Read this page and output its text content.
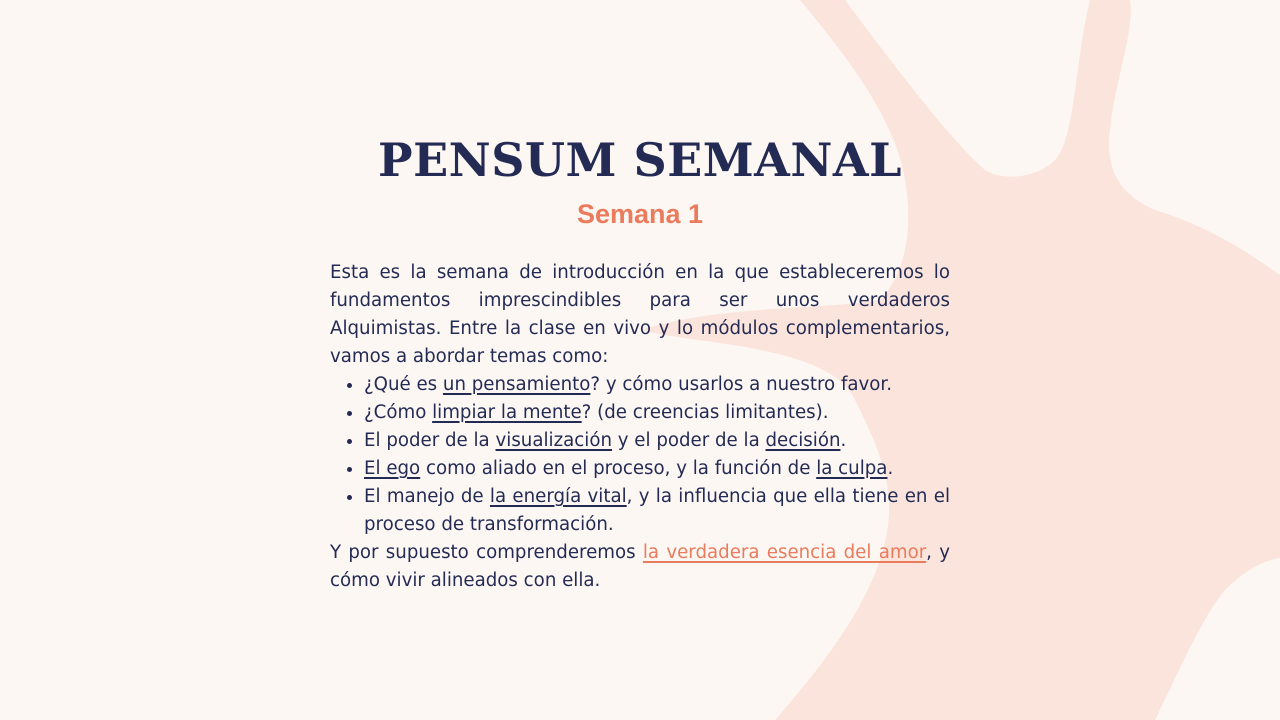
PENSUM SEMANAL
Semana 1

Esta es la semana de introducción en la que estableceremos lo fundamentos imprescindibles para ser unos verdaderos Alquimistas. Entre la clase en vivo y lo módulos complementarios, vamos a abordar temas como:

• ¿Qué es un pensamiento? y cómo usarlos a nuestro favor.
• ¿Cómo limpiar la mente? (de creencias limitantes).
• El poder de la visualización y el poder de la decisión.
• El ego como aliado en el proceso, y la función de la culpa.
• El manejo de la energía vital, y la influencia que ella tiene en el proceso de transformación.

Y por supuesto comprenderemos la verdadera esencia del amor, y cómo vivir alineados con ella.
